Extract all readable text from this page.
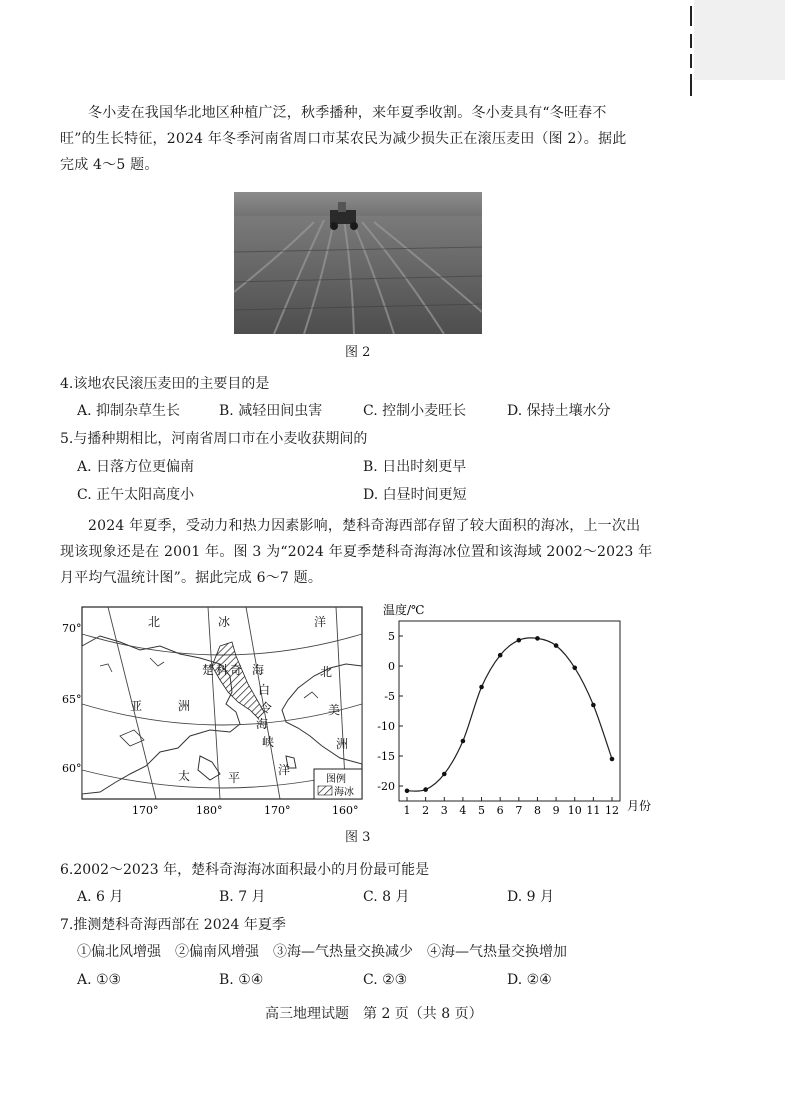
冬小麦在我国华北地区种植广泛，秋季播种，来年夏季收割。冬小麦具有“冬旺春不
旺”的生长特征，2024 年冬季河南省周口市某农民为减少损失正在滚压麦田（图 2）。据此
完成 4～5 题。
图 2
4.该地农民滚压麦田的主要目的是
A. 抑制杂草生长	B. 减轻田间虫害	C. 控制小麦旺长	D. 保持土壤水分
5.与播种期相比，河南省周口市在小麦收获期间的
A. 日落方位更偏南	B. 日出时刻更早
C. 正午太阳高度小	D. 白昼时间更短
2024 年夏季，受动力和热力因素影响，楚科奇海西部存留了较大面积的海冰，上一次出
现该现象还是在 2001 年。图 3 为“2024 年夏季楚科奇海海冰位置和该海域 2002～2023 年
月平均气温统计图”。据此完成 6～7 题。
70°
65°
60°
北	冰	洋
楚 科 奇 海	北
白
令
海
峡
亚	洲	美
洲
太	平
洋
图例
海冰
170°	180°	170°	160°
温度/℃
5
0
-5
-10
-15
-20
1 2 3 4 5 6 7 8 9 10 11 12 月份
图 3
6.2002～2023 年，楚科奇海海冰面积最小的月份最可能是
A. 6 月	B. 7 月	C. 8 月	D. 9 月
7.推测楚科奇海西部在 2024 年夏季
①偏北风增强　②偏南风增强　③海—气热量交换减少　④海—气热量交换增加
A. ①③	B. ①④	C. ②③	D. ②④
高三地理试题　第 2 页（共 8 页）
